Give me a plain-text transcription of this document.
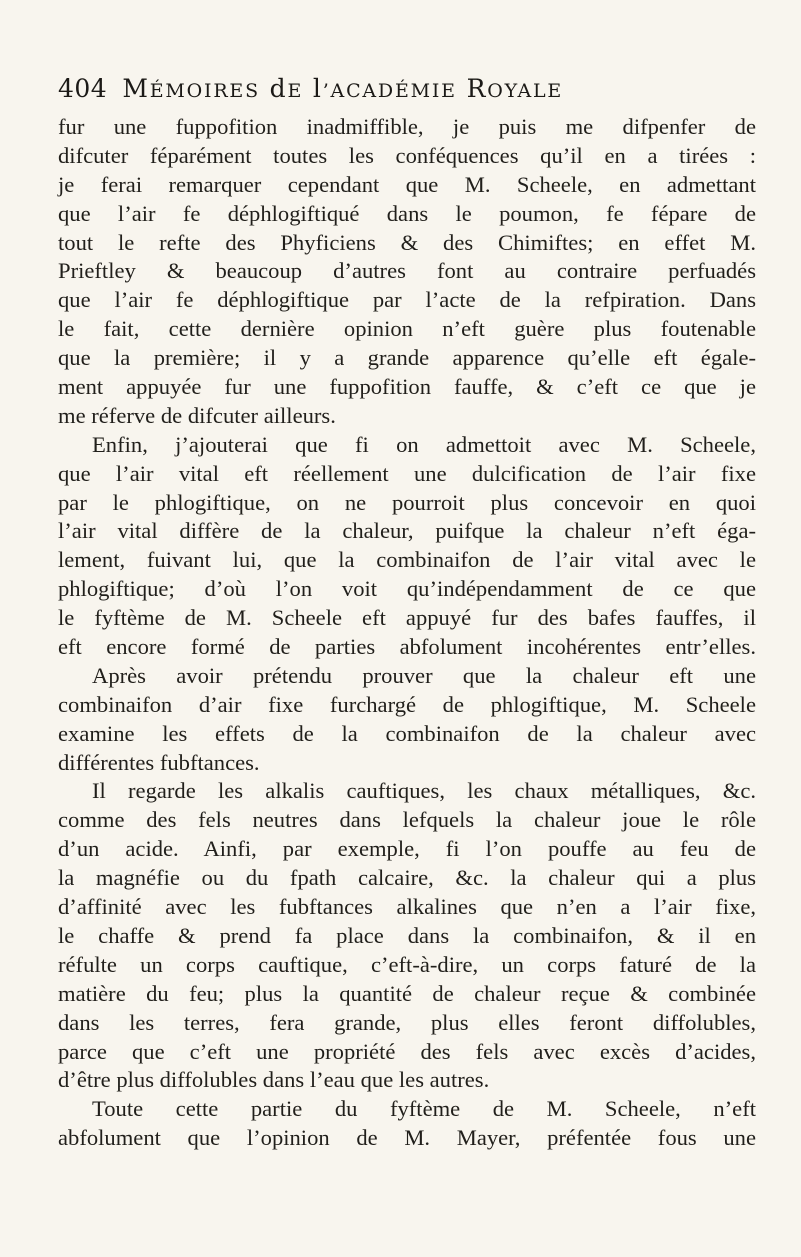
404 MÉMOIRES dE l’ACADÉMIE ROYALE
fur une fuppofition inadmiffible, je puis me difpenfer de
difcuter féparément toutes les conféquences qu’il en a tirées :
je ferai remarquer cependant que M. Scheele, en admettant
que l’air fe déphlogiftiqué dans le poumon, fe fépare de
tout le refte des Phyficiens & des Chimiftes; en effet M.
Prieftley & beaucoup d’autres font au contraire perfuadés
que l’air fe déphlogiftique par l’acte de la refpiration. Dans
le fait, cette dernière opinion n’eft guère plus foutenable
que la première; il y a grande apparence qu’elle eft égale-
ment appuyée fur une fuppofition fauffe, & c’eft ce que je
me réferve de difcuter ailleurs.
Enfin, j’ajouterai que fi on admettoit avec M. Scheele,
que l’air vital eft réellement une dulcification de l’air fixe
par le phlogiftique, on ne pourroit plus concevoir en quoi
l’air vital diffère de la chaleur, puifque la chaleur n’eft éga-
lement, fuivant lui, que la combinaifon de l’air vital avec le
phlogiftique; d’où l’on voit qu’indépendamment de ce que
le fyftème de M. Scheele eft appuyé fur des bafes fauffes, il
eft encore formé de parties abfolument incohérentes entr’elles.
Après avoir prétendu prouver que la chaleur eft une
combinaifon d’air fixe furchargé de phlogiftique, M. Scheele
examine les effets de la combinaifon de la chaleur avec
différentes fubftances.
Il regarde les alkalis cauftiques, les chaux métalliques, &c.
comme des fels neutres dans lefquels la chaleur joue le rôle
d’un acide. Ainfi, par exemple, fi l’on pouffe au feu de
la magnéfie ou du fpath calcaire, &c. la chaleur qui a plus
d’affinité avec les fubftances alkalines que n’en a l’air fixe,
le chaffe & prend fa place dans la combinaifon, & il en
réfulte un corps cauftique, c’eft-à-dire, un corps faturé de la
matière du feu; plus la quantité de chaleur reçue & combinée
dans les terres, fera grande, plus elles feront diffolubles,
parce que c’eft une propriété des fels avec excès d’acides,
d’être plus diffolubles dans l’eau que les autres.
Toute cette partie du fyftème de M. Scheele, n’eft
abfolument que l’opinion de M. Mayer, préfentée fous une
